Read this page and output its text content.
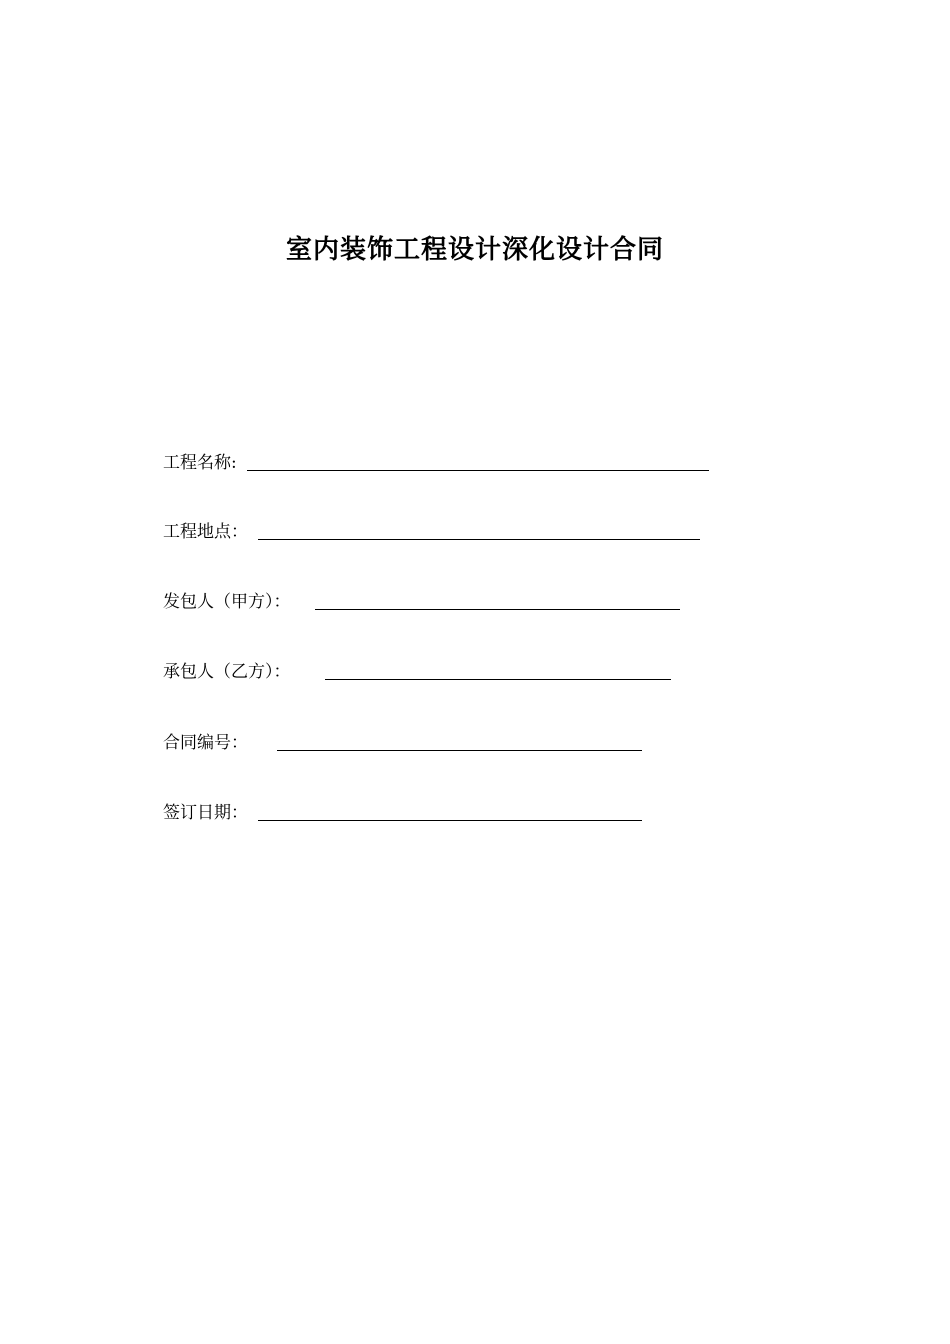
室内装饰工程设计深化设计合同
工程名称:
工程地点：
发包人（甲方）：
承包人（乙方）：
合同编号：
签订日期：
